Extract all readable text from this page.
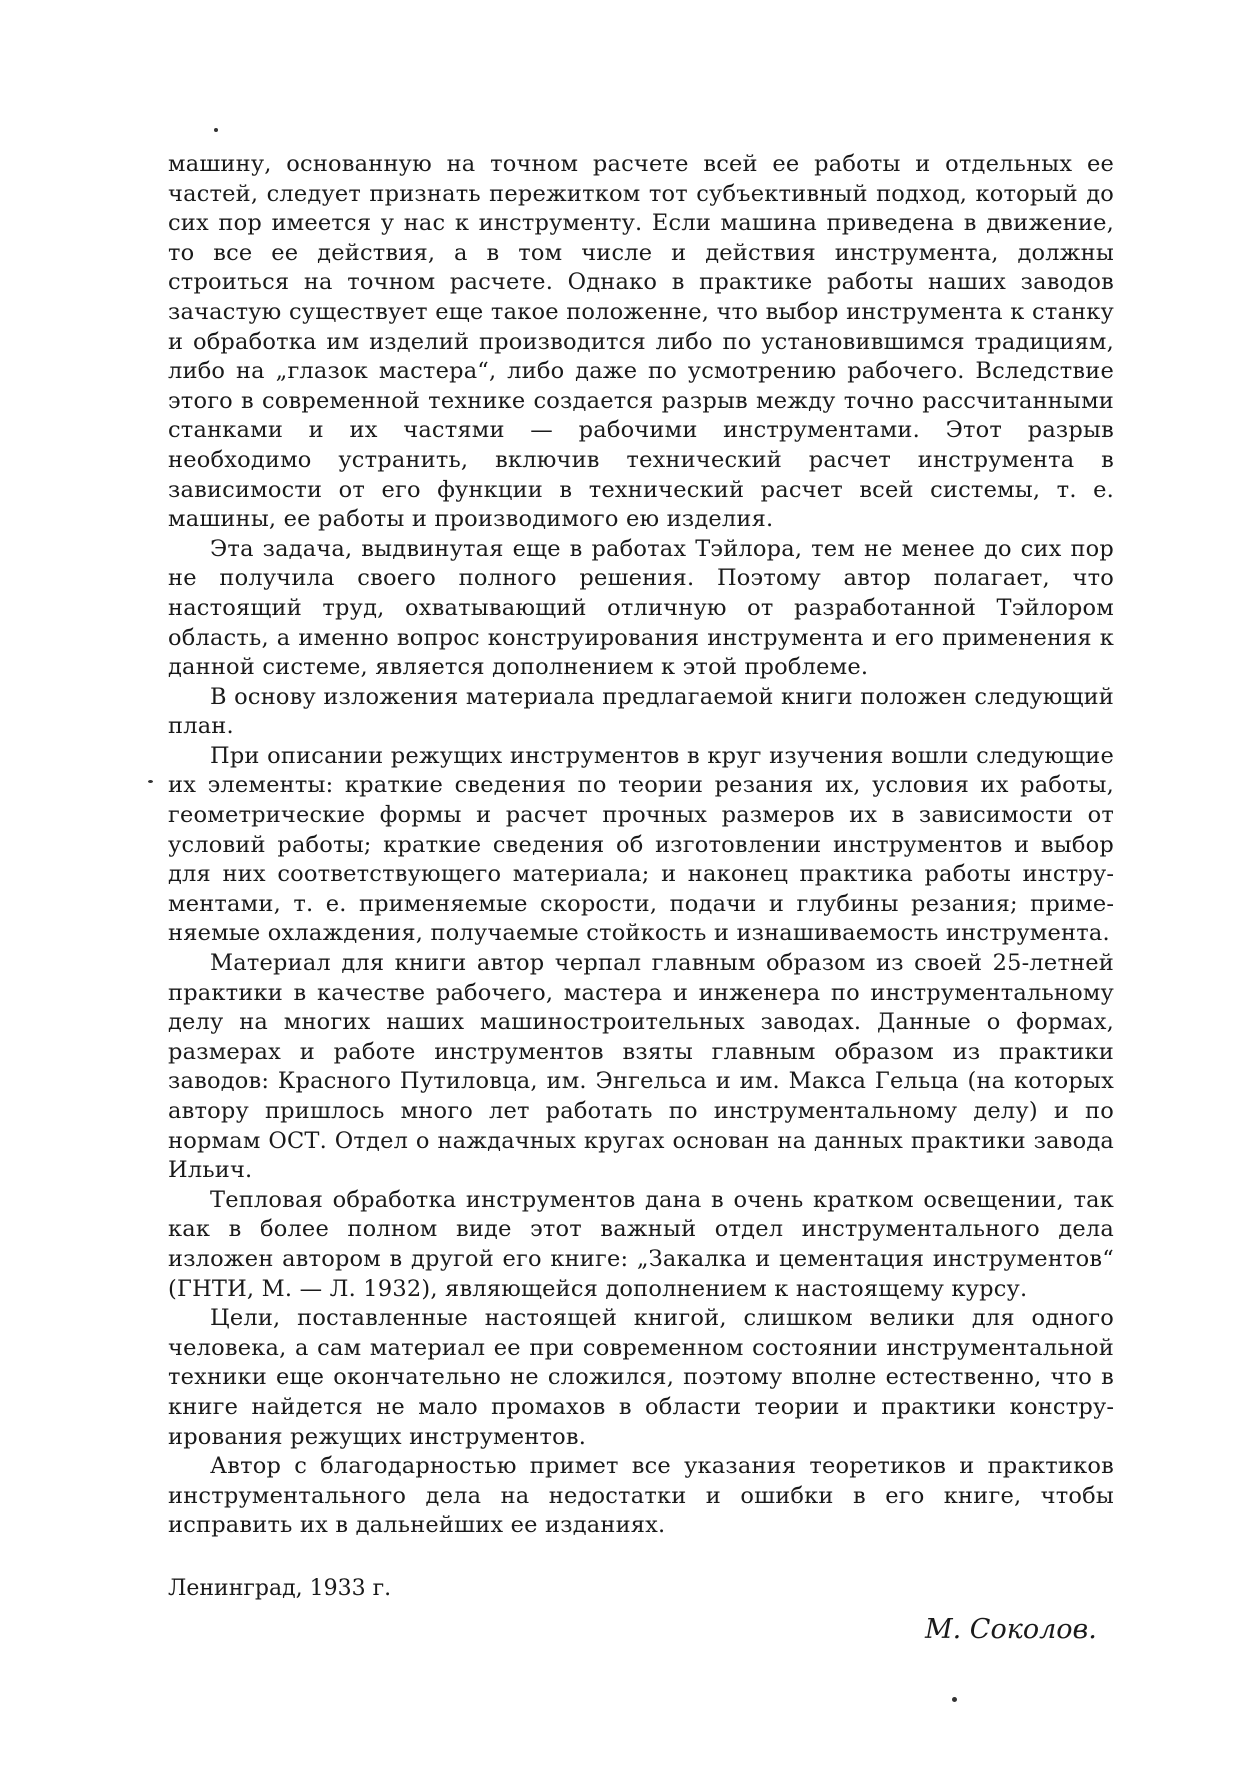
машину, основанную на точном расчете всей ее работы и отдельных ее частей, следует признать пережитком тот субъективный подход, который до сих пор имеется у нас к инструменту. Если машина приведена в движение, то все ее действия, а в том числе и действия инструмента, должны строиться на точном расчете. Однако в практике работы наших заводов зачастую существует еще такое положенне, что выбор инструмента к станку и обработка им изделий производится либо по установившимся традициям, либо на „глазок мастера“, либо даже по усмотрению рабочего. Вследствие этого в современной технике создается разрыв между точно рассчитанными станками и их частями — рабочими инструментами. Этот разрыв необходимо устранить, включив технический расчет инструмента в зависимости от его функции в технический расчет всей системы, т. е. машины, ее работы и производимого ею изделия.

Эта задача, выдвинутая еще в работах Тэйлора, тем не менее до сих пор не получила своего полного решения. Поэтому автор полагает, что настоящий труд, охватывающий отличную от разработанной Тэйлором область, а именно вопрос конструирования инструмента и его применения к данной системе, является дополнением к этой проблеме.

В основу изложения материала предлагаемой книги положен следующий план.

При описании режущих инструментов в круг изучения вошли следующие их элементы: краткие сведения по теории резания их, условия их работы, геометрические формы и расчет прочных размеров их в зависимости от условий работы; краткие сведения об изготовлении инструментов и выбор для них соответствующего материала; и наконец практика работы инструментами, т. е. применяемые скорости, подачи и глубины резания; применяемые охлаждения, получаемые стойкость и изнашиваемость инструмента.

Материал для книги автор черпал главным образом из своей 25-летней практики в качестве рабочего, мастера и инженера по инструментальному делу на многих наших машиностроительных заводах. Данные о формах, размерах и работе инструментов взяты главным образом из практики заводов: Красного Путиловца, им. Энгельса и им. Макса Гельца (на которых автору пришлось много лет работать по инструментальному делу) и по нормам ОСТ. Отдел о наждачных кругах основан на данных практики завода Ильич.

Тепловая обработка инструментов дана в очень кратком освещении, так как в более полном виде этот важный отдел инструментального дела изложен автором в другой его книге: „Закалка и цементация инструментов“ (ГНТИ, М. — Л. 1932), являющейся дополнением к настоящему курсу.

Цели, поставленные настоящей книгой, слишком велики для одного человека, а сам материал ее при современном состоянии инструментальной техники еще окончательно не сложился, поэтому вполне естественно, что в книге найдется не мало промахов в области теории и практики конструирования режущих инструментов.

Автор с благодарностью примет все указания теоретиков и практиков инструментального дела на недостатки и ошибки в его книге, чтобы исправить их в дальнейших ее изданиях.

Ленинград, 1933 г.
М. Соколов.
